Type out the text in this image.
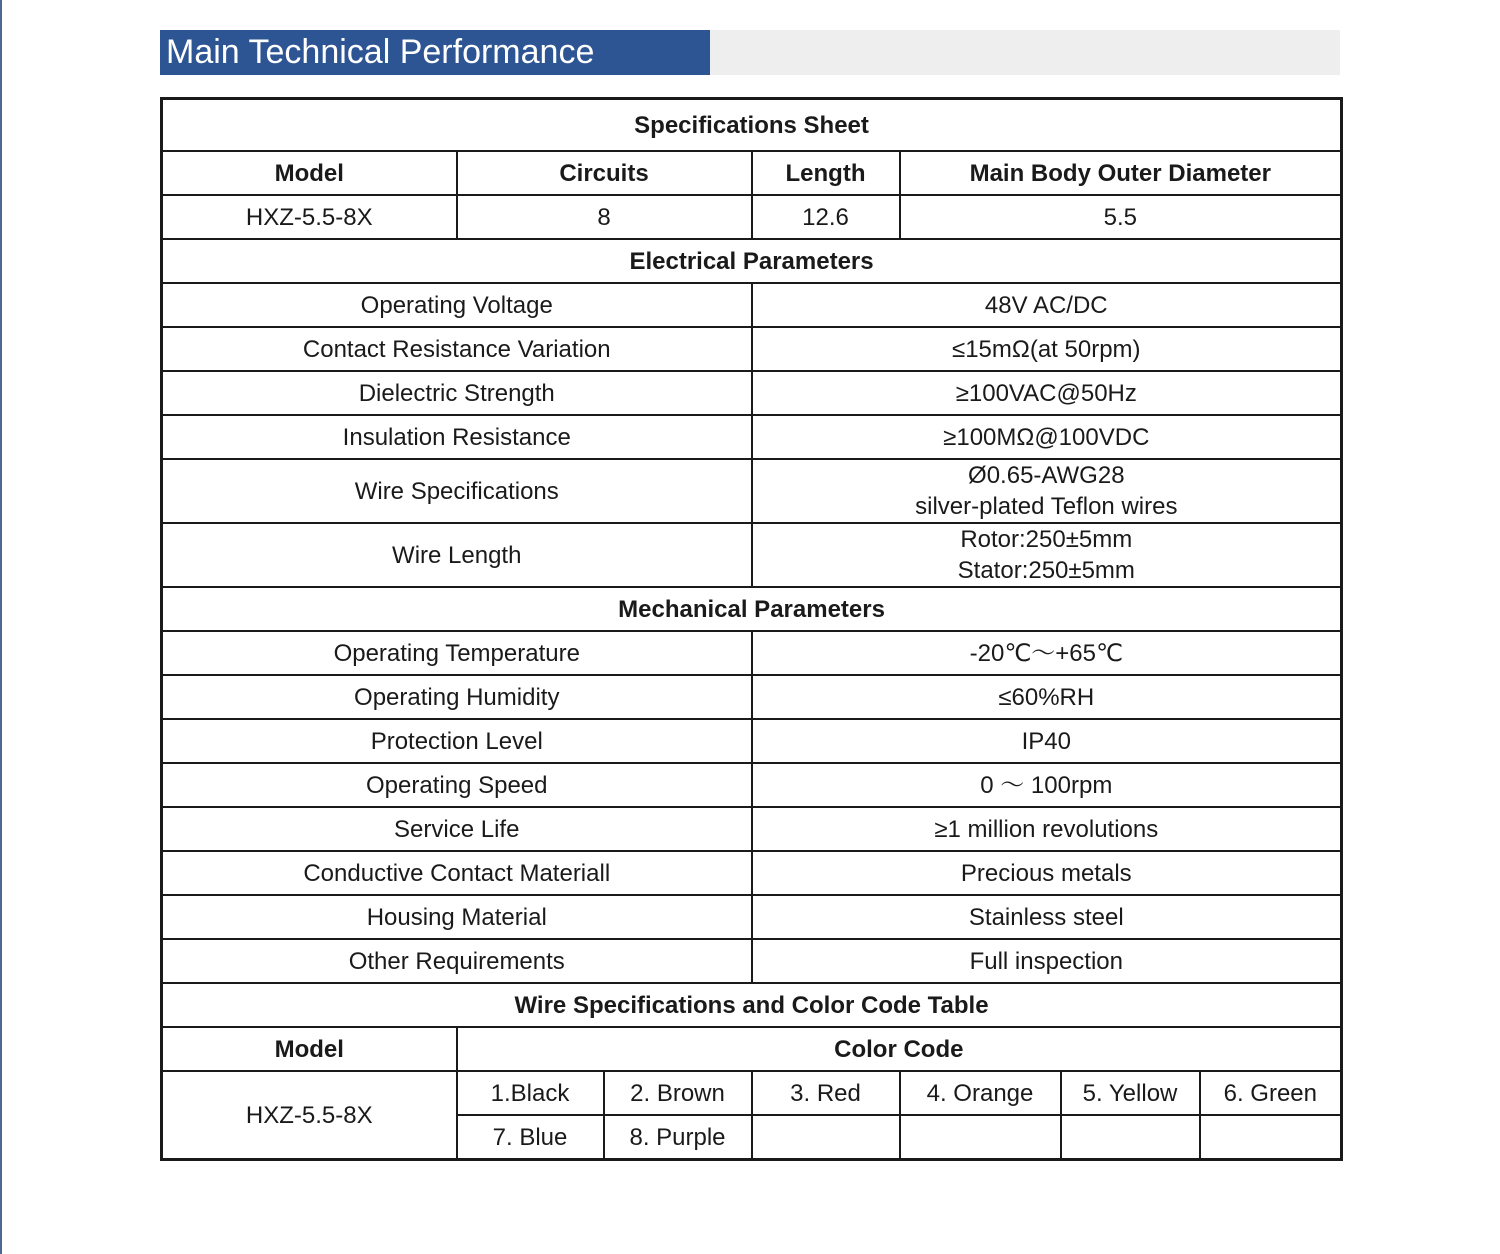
Main Technical Performance
Specifications Sheet						
Model	Circuits		Length	Main Body Outer Diameter		
HXZ-5.5-8X	8		12.6	5.5		
Electrical Parameters						
Operating Voltage			48V AC/DC			
Contact Resistance Variation			≤15mΩ(at 50rpm)			
Dielectric Strength			≥100VAC@50Hz			
Insulation Resistance			≥100MΩ@100VDC			
Wire Specifications			Ø0.65-AWG28
silver-plated Teflon wires			

Wire Length			Rotor:250±5mm
Stator:250±5mm			

Mechanical Parameters						
Operating Temperature			-20℃～+65℃			
Operating Humidity			≤60%RH			
Protection Level			IP40			
Operating Speed			0 ～ 100rpm			
Service Life			≥1 million revolutions			
Conductive Contact Materiall			Precious metals			
Housing Material			Stainless steel			
Other Requirements			Full inspection			
Wire Specifications and Color Code Table						
Model	Color Code					
HXZ-5.5-8X	1.Black	2. Brown	3. Red	4. Orange	5. Yellow	6. Green
	7. Blue	8. Purple				
